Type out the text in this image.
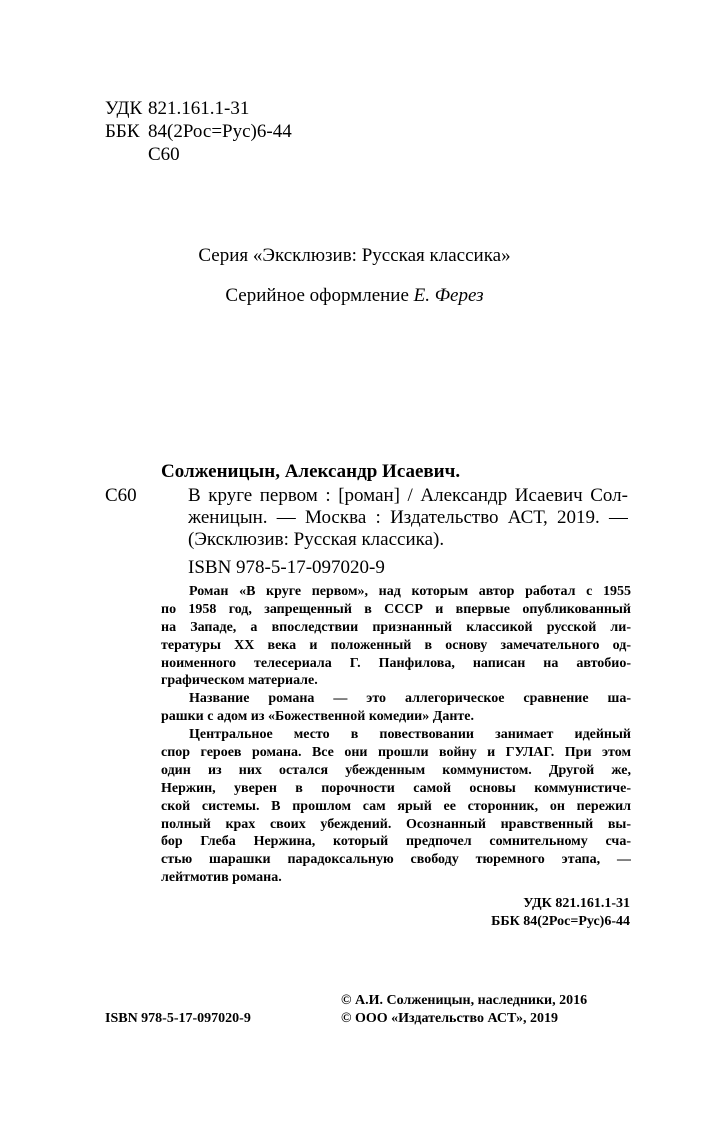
УДК 821.161.1-31
ББК 84(2Рос=Рус)6-44
С60
Серия «Эксклюзив: Русская классика»
Серийное оформление Е. Ферез
Солженицын, Александр Исаевич.
С60	В круге первом : [роман] / Александр Исаевич Сол-
женицын. — Москва : Издательство АСТ, 2019. —
(Эксклюзив: Русская классика).
ISBN 978-5-17-097020-9
Роман «В круге первом», над которым автор работал с 1955
по 1958 год, запрещенный в СССР и впервые опубликованный
на Западе, а впоследствии признанный классикой русской ли-
тературы XX века и положенный в основу замечательного од-
ноименного телесериала Г. Панфилова, написан на автобио-
графическом материале.
Название романа — это аллегорическое сравнение ша-
рашки с адом из «Божественной комедии» Данте.
Центральное место в повествовании занимает идейный
спор героев романа. Все они прошли войну и ГУЛАГ. При этом
один из них остался убежденным коммунистом. Другой же,
Нержин, уверен в порочности самой основы коммунистиче-
ской системы. В прошлом сам ярый ее сторонник, он пережил
полный крах своих убеждений. Осознанный нравственный вы-
бор Глеба Нержина, который предпочел сомнительному сча-
стью шарашки парадоксальную свободу тюремного этапа, —
лейтмотив романа.
УДК 821.161.1-31
ББК 84(2Рос=Рус)6-44
© А.И. Солженицын, наследники, 2016
ISBN 978-5-17-097020-9	© ООО «Издательство АСТ», 2019
